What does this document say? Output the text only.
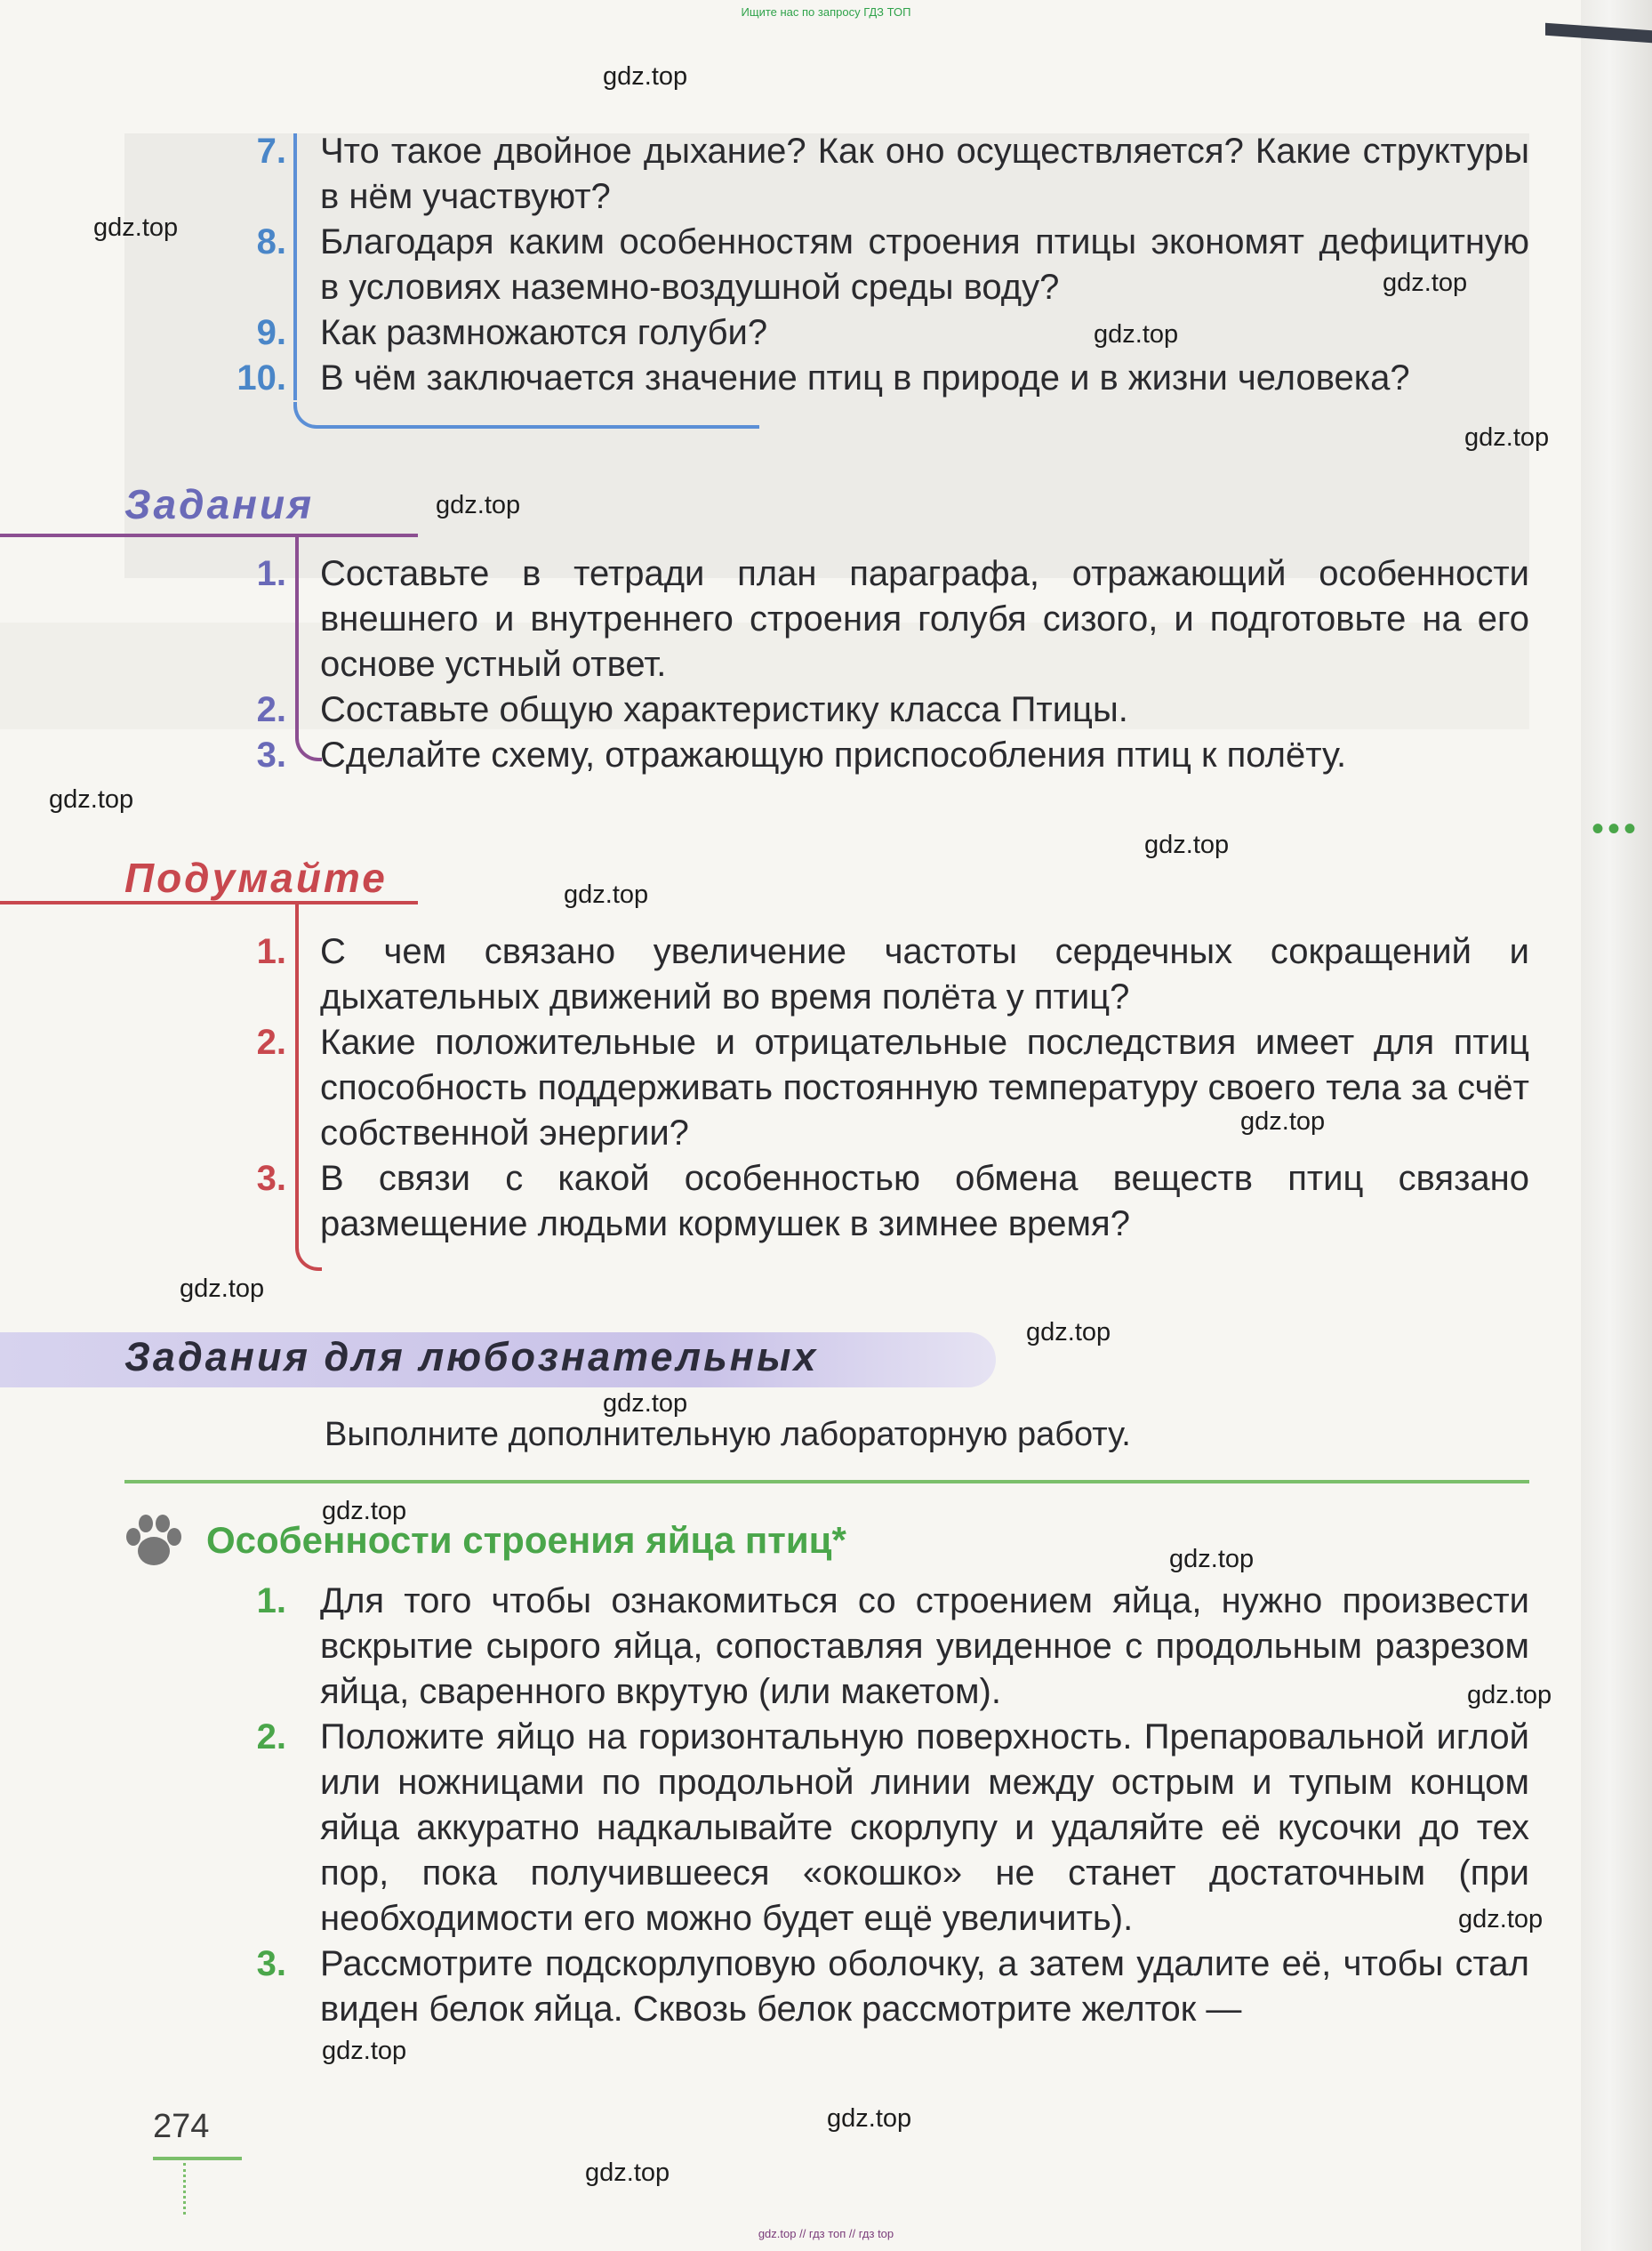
Ищите нас по запросу ГДЗ ТОП
7. Что такое двойное дыхание? Как оно осуществляется? Какие структуры в нём участвуют?
8. Благодаря каким особенностям строения птицы экономят дефицитную в условиях наземно-воздушной среды воду?
9. Как размножаются голуби?
10. В чём заключается значение птиц в природе и в жизни человека?
Задания
1. Составьте в тетради план параграфа, отражающий особенности внешнего и внутреннего строения голубя сизого, и подготовьте на его основе устный ответ.
2. Составьте общую характеристику класса Птицы.
3. Сделайте схему, отражающую приспособления птиц к полёту.
Подумайте
1. С чем связано увеличение частоты сердечных сокращений и дыхательных движений во время полёта у птиц?
2. Какие положительные и отрицательные последствия имеет для птиц способность поддерживать постоянную температуру своего тела за счёт собственной энергии?
3. В связи с какой особенностью обмена веществ птиц связано размещение людьми кормушек в зимнее время?
•••
Задания для любознательных
Выполните дополнительную лабораторную работу.
Особенности строения яйца птиц*
1. Для того чтобы ознакомиться со строением яйца, нужно произвести вскрытие сырого яйца, сопоставляя увиденное с продольным разрезом яйца, сваренного вкрутую (или макетом).
2. Положите яйцо на горизонтальную поверхность. Препаровальной иглой или ножницами по продольной линии между острым и тупым концом яйца аккуратно надкалывайте скорлупу и удаляйте её кусочки до тех пор, пока получившееся «окошко» не станет достаточным (при необходимости его можно будет ещё увеличить).
3. Рассмотрите подскорлуповую оболочку, а затем удалите её, чтобы стал виден белок яйца. Сквозь белок рассмотрите желток —
274
gdz.top
gdz.top
gdz.top
gdz.top
gdz.top
gdz.top
gdz.top
gdz.top
gdz.top
gdz.top
gdz.top
gdz.top
gdz.top
gdz.top
gdz.top
gdz.top
gdz.top
gdz.top
gdz.top
gdz.top
gdz.top // гдз топ // гдз top
